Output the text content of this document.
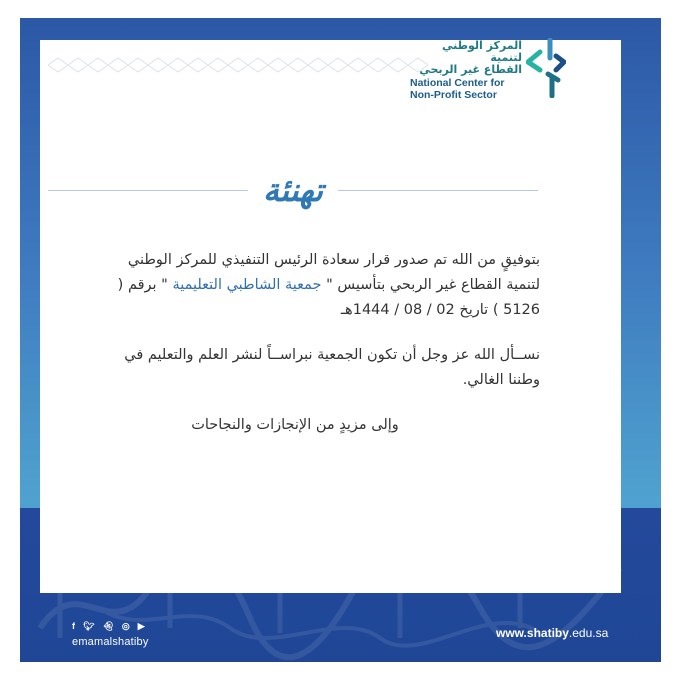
المركز الوطني لتنمية
القطاع غير الربحي
National Center for
Non-Profit Sector
تهنئة

بتوفيقٍ من الله تم صدور قرار سعادة الرئيس التنفيذي للمركز الوطني لتنمية القطاع غير الربحي بتأسيس " جمعية الشاطبي التعليمية " برقم ( 5126 ) تاريخ 02 / 08 / 1444هـ

نســأل الله عز وجل أن تكون الجمعية نبراســاً لنشر العلم والتعليم في وطننا الغالي.

وإلى مزيدٍ من الإنجازات والنجاحات
f 🐦︎ 👻︎ ◎ ▶
emamalshatiby
www.shatiby.edu.sa
